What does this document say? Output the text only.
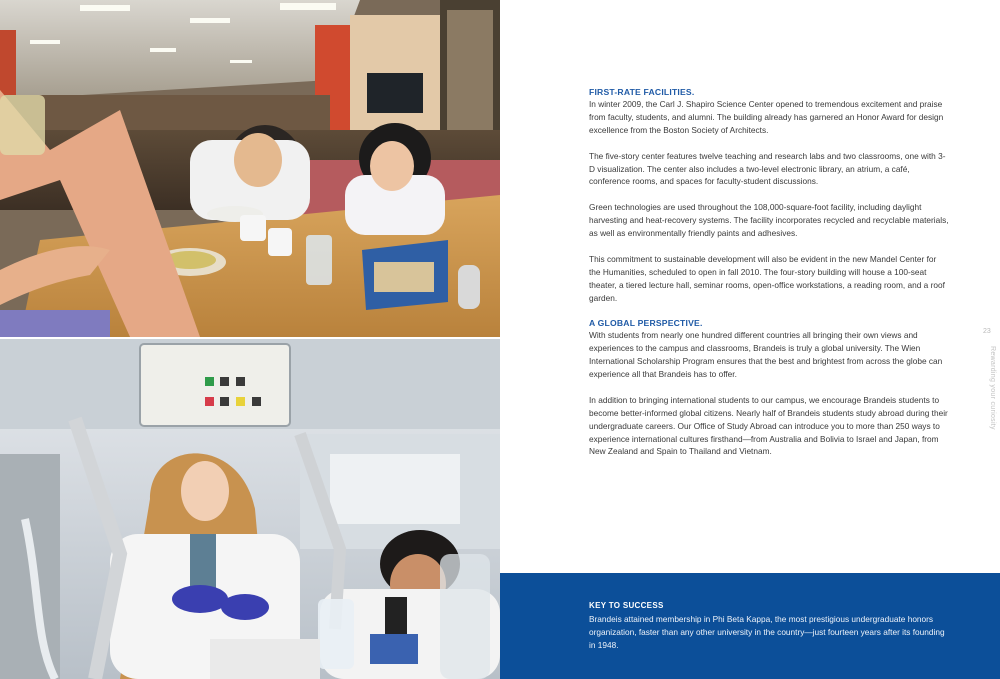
FIRST-RATE FACILITIES.

In winter 2009, the Carl J. Shapiro Science Center opened to tremendous excitement and praise from faculty, students, and alumni. The building already has garnered an Honor Award for design excellence from the Boston Society of Architects.

The five-story center features twelve teaching and research labs and two classrooms, one with 3-D visualization. The center also includes a two-level electronic library, an atrium, a café, conference rooms, and spaces for faculty-student discussions.

Green technologies are used throughout the 108,000-square-foot facility, including daylight harvesting and heat-recovery systems. The facility incorporates recycled and recyclable materials, as well as environmentally friendly paints and adhesives.

This commitment to sustainable development will also be evident in the new Mandel Center for the Humanities, scheduled to open in fall 2010. The four-story building will house a 100-seat theater, a tiered lecture hall, seminar rooms, open-office workstations, a reading room, and a roof garden.

A GLOBAL PERSPECTIVE.

With students from nearly one hundred different countries all bringing their own views and experiences to the campus and classrooms, Brandeis is truly a global university. The Wien International Scholarship Program ensures that the best and brightest from across the globe can experience all that Brandeis has to offer.

In addition to bringing international students to our campus, we encourage Brandeis students to become better-informed global citizens. Nearly half of Brandeis students study abroad during their undergraduate careers. Our Office of Study Abroad can introduce you to more than 250 ways to experience international cultures firsthand—from Australia and Bolivia to Israel and Japan, from New Zealand and Spain to Thailand and Vietnam.

23
Rewarding your curiosity
KEY TO SUCCESS

Brandeis attained membership in Phi Beta Kappa, the most prestigious undergraduate honors organization, faster than any other university in the country—just fourteen years after its founding in 1948.
